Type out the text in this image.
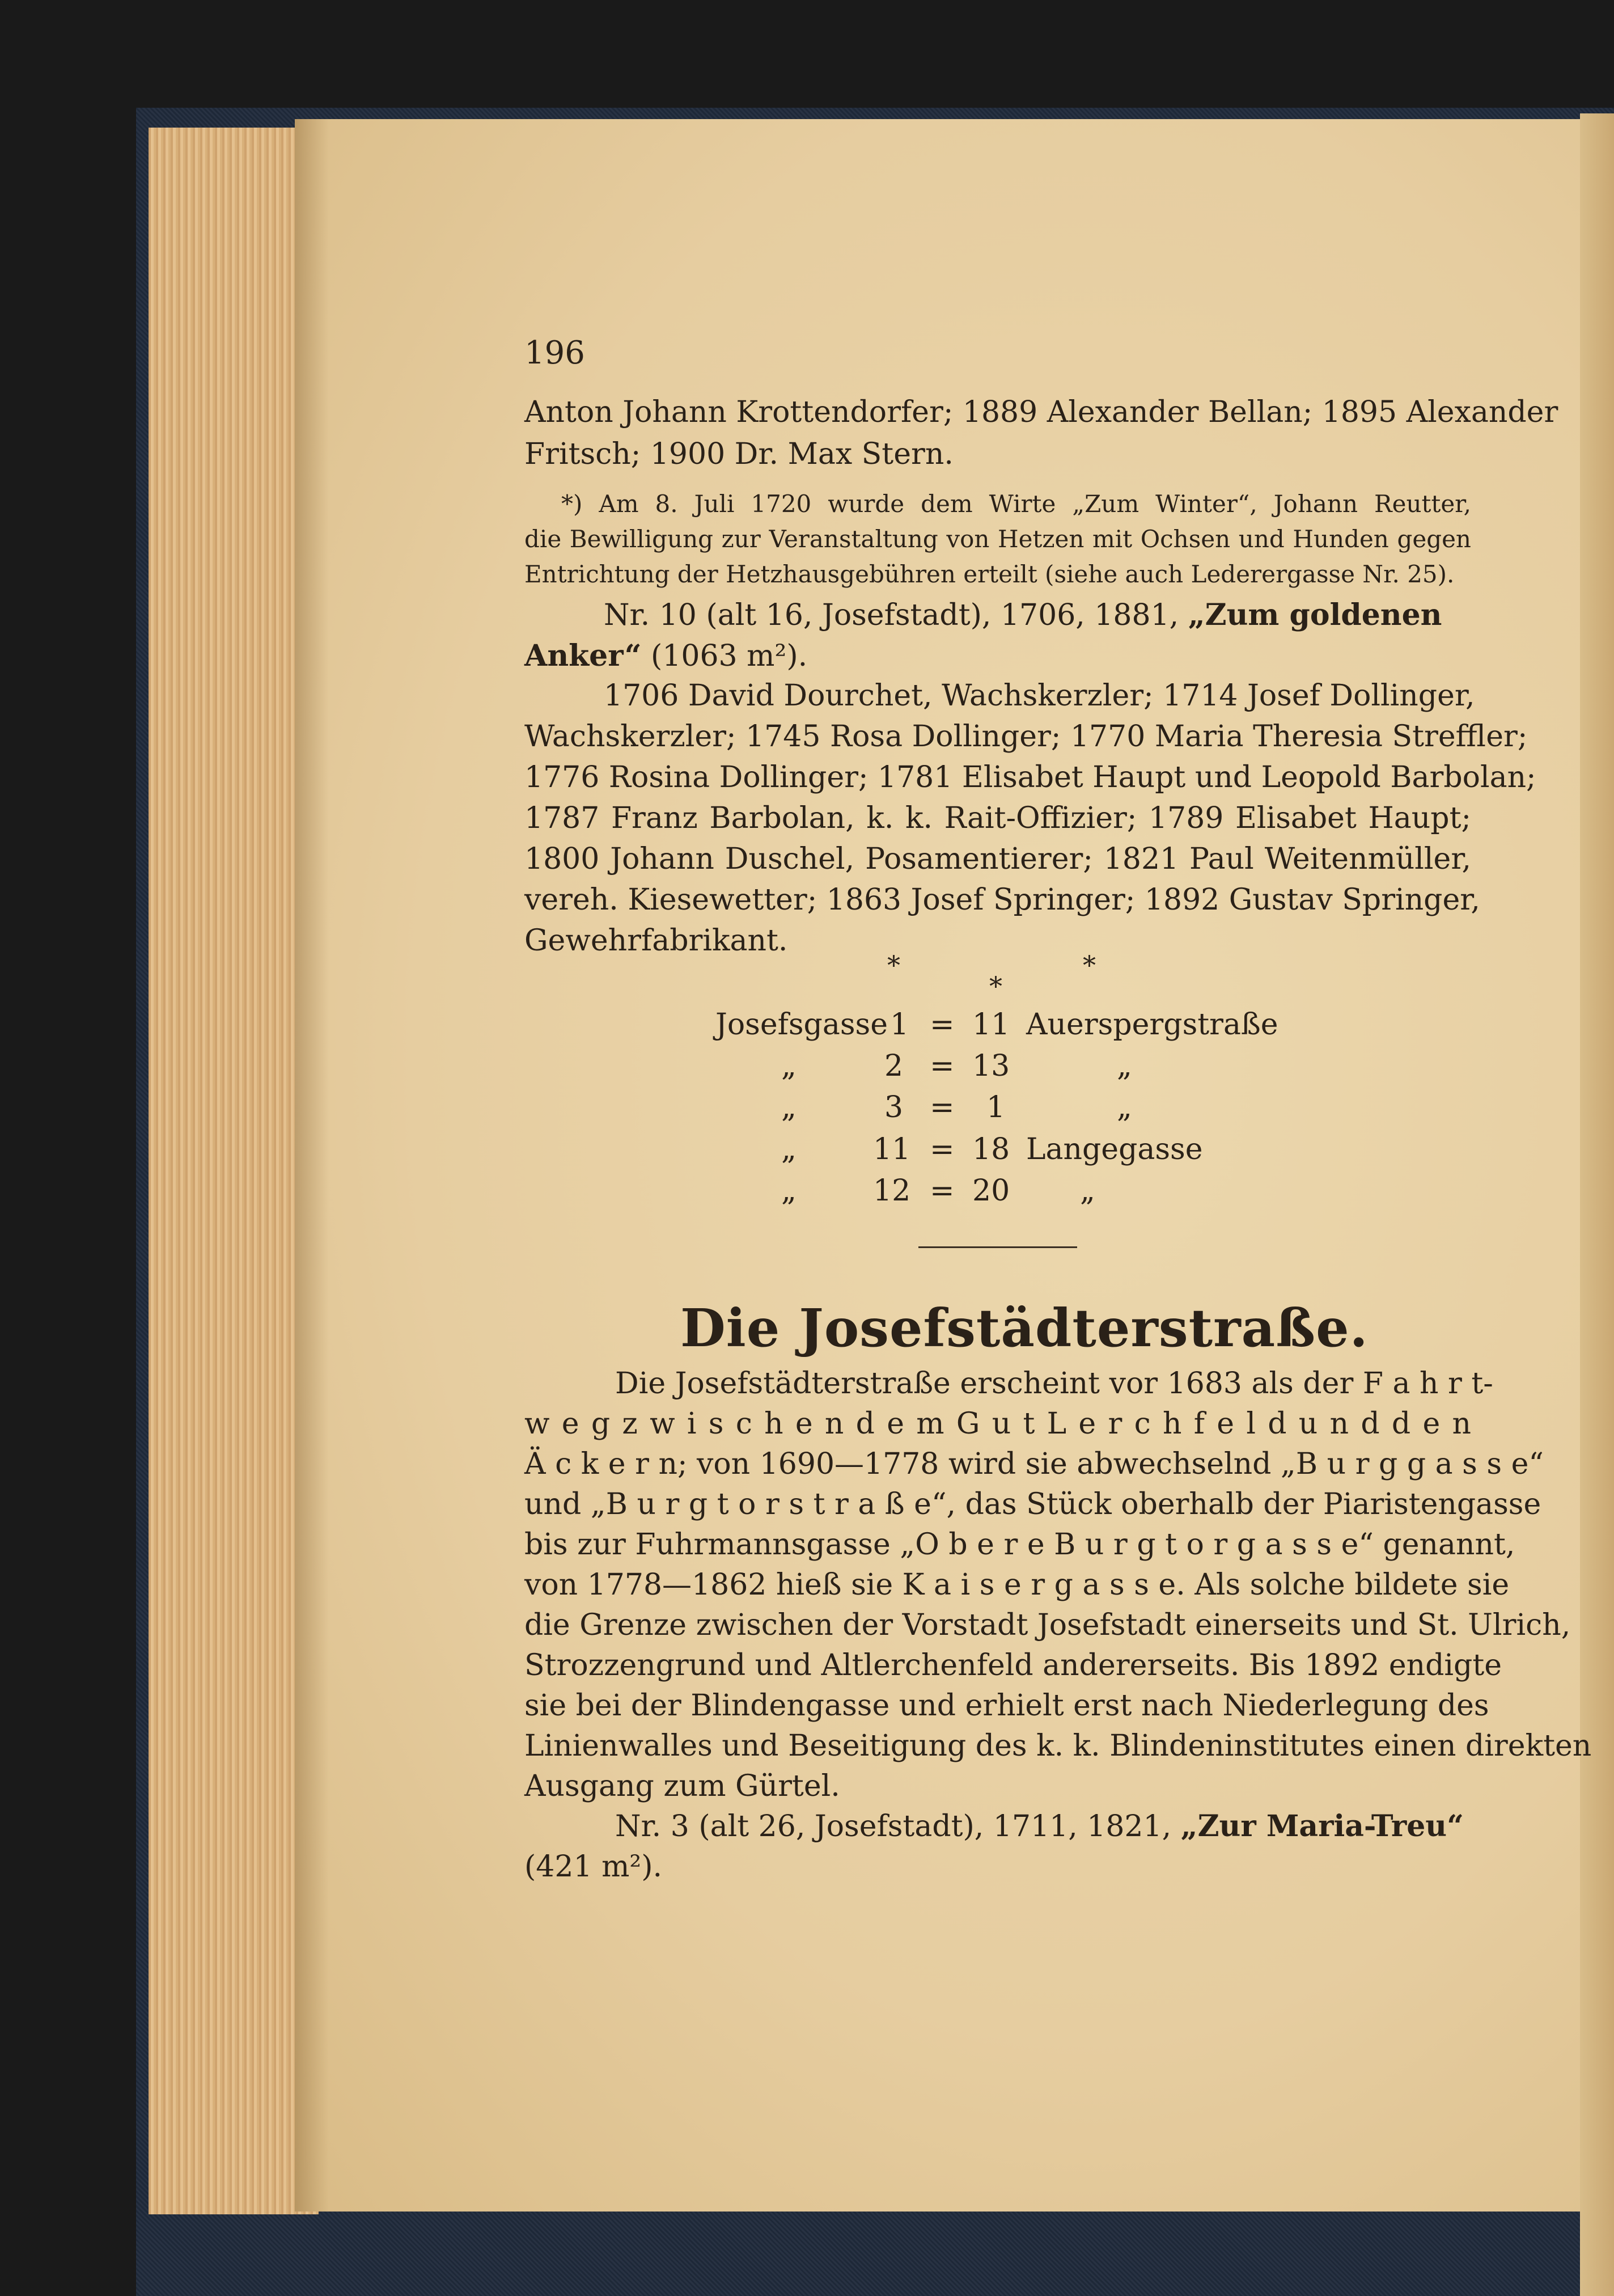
196
Anton Johann Krottendorfer; 1889 Alexander Bellan; 1895 Alexander
Fritsch; 1900 Dr. Max Stern.
*) Am 8. Juli 1720 wurde dem Wirte „Zum Winter“, Johann Reutter,
die Bewilligung zur Veranstaltung von Hetzen mit Ochsen und Hunden gegen
Entrichtung der Hetzhausgebühren erteilt (siehe auch Lederergasse Nr. 25).
Nr. 10 (alt 16, Josefstadt), 1706, 1881, „Zum goldenen
Anker“ (1063 m²).
1706 David Dourchet, Wachskerzler; 1714 Josef Dollinger,
Wachskerzler; 1745 Rosa Dollinger; 1770 Maria Theresia Streffler;
1776 Rosina Dollinger; 1781 Elisabet Haupt und Leopold Barbolan;
1787 Franz Barbolan, k. k. Rait-Offizier; 1789 Elisabet Haupt;
1800 Johann Duschel, Posamentierer; 1821 Paul Weitenmüller,
vereh. Kiesewetter; 1863 Josef Springer; 1892 Gustav Springer,
Gewehrfabrikant.
*
*
*
Josefsgasse 1 = 11 Auerspergstraße
„	2 = 13	„
„	3 = 1	„
„	11 = 18 Langegasse
„	12 = 20 „
Die Josefstädterstraße.
Die Josefstädterstraße erscheint vor 1683 als der F a h r t-
w e g z w i s c h e n d e m G u t L e r c h f e l d u n d d e n
Ä c k e r n; von 1690—1778 wird sie abwechselnd „B u r g g a s s e“
und „B u r g t o r s t r a ß e“, das Stück oberhalb der Piaristengasse
bis zur Fuhrmannsgasse „O b e r e B u r g t o r g a s s e“ genannt,
von 1778—1862 hieß sie K a i s e r g a s s e. Als solche bildete sie
die Grenze zwischen der Vorstadt Josefstadt einerseits und St. Ulrich,
Strozzengrund und Altlerchenfeld andererseits. Bis 1892 endigte
sie bei der Blindengasse und erhielt erst nach Niederlegung des
Linienwalles und Beseitigung des k. k. Blindeninstitutes einen direkten
Ausgang zum Gürtel.
Nr. 3 (alt 26, Josefstadt), 1711, 1821, „Zur Maria-Treu“
(421 m²).
